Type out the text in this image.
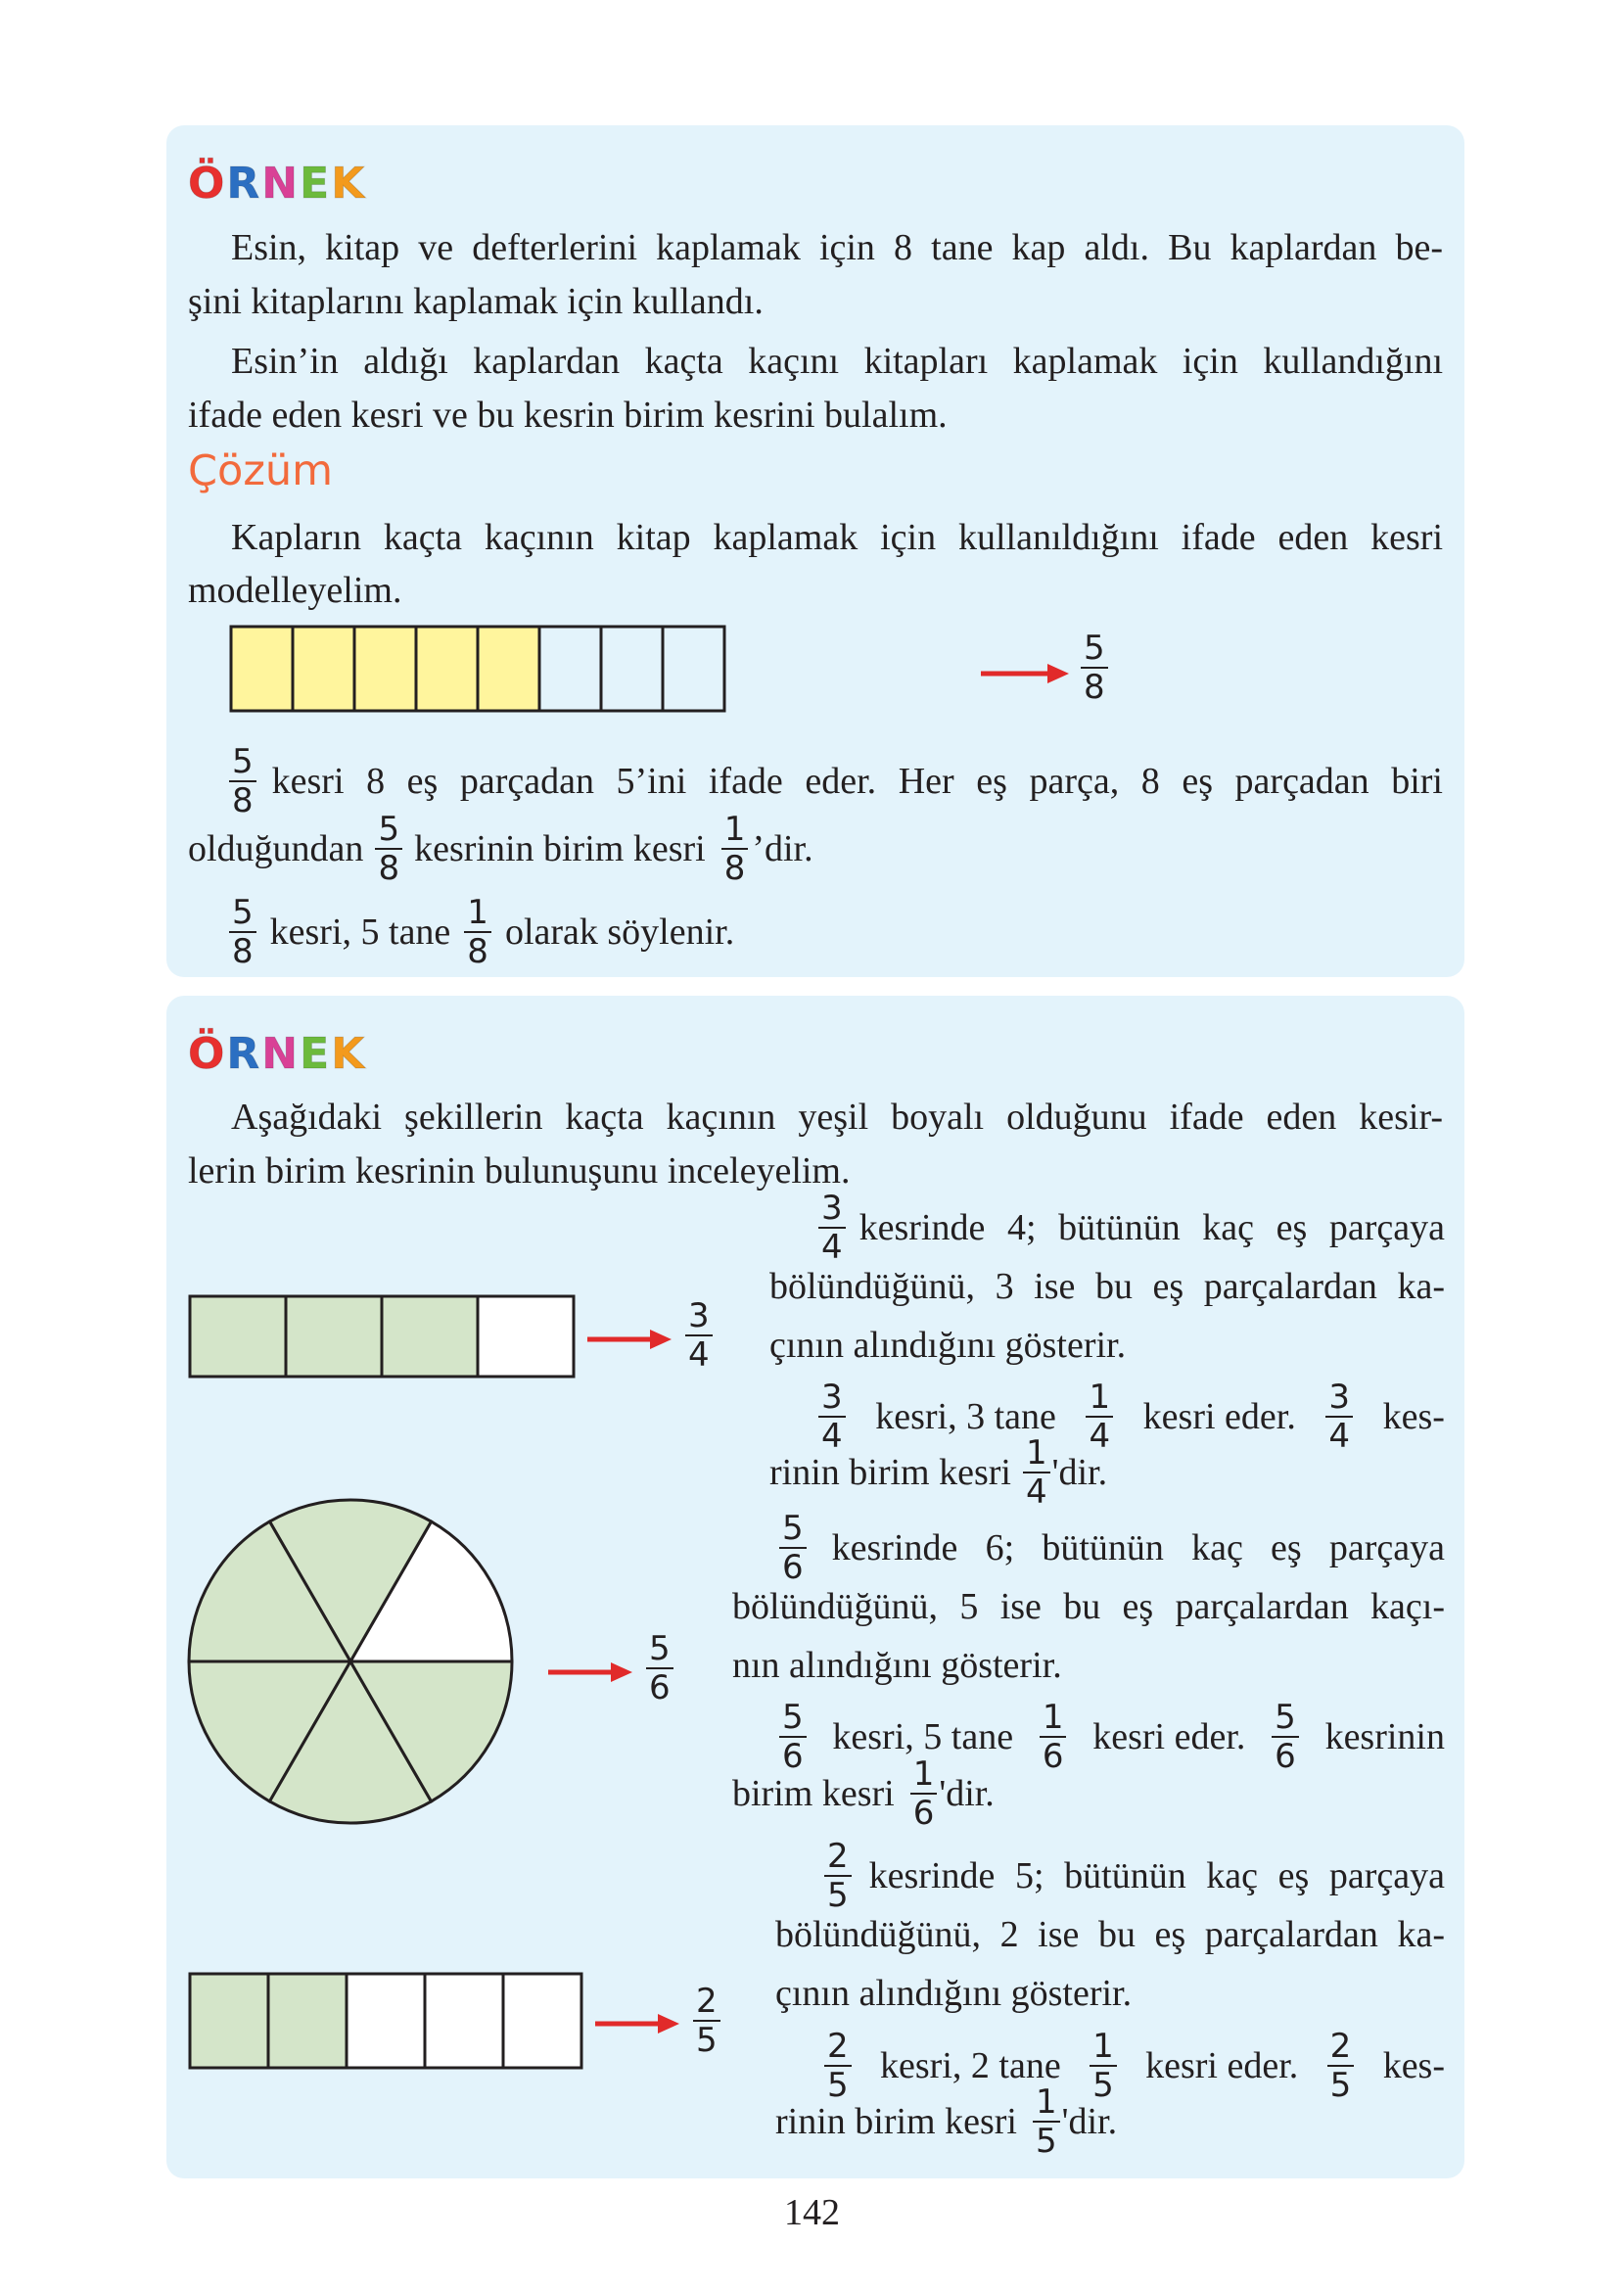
ÖRNEK

Esin, kitap ve defterlerini kaplamak için 8 tane kap aldı. Bu kaplardan be-

şini kitaplarını kaplamak için kullandı.

Esin’in aldığı kaplardan kaçta kaçını kitapları kaplamak için kullandığını

ifade eden kesri ve bu kesrin birim kesrini bulalım.

Çözüm

Kapların kaçta kaçının kitap kaplamak için kullanıldığını ifade eden kesri

modelleyelim.

$\frac{5}{8}$
$\frac{5}{8}$ kesri 8 eş parçadan 5’ini ifade eder. Her eş parça, 8 eş parçadan biri
olduğundan $\frac{5}{8}$ kesrinin birim kesri $\frac{1}{8}$ ’dir.
$\frac{5}{8}$ kesri, 5 tane $\frac{1}{8}$ olarak söylenir.
ÖRNEK

Aşağıdaki şekillerin kaçta kaçının yeşil boyalı olduğunu ifade eden kesir-

lerin birim kesrinin bulunuşunu inceleyelim.

$\frac{3}{4}$
$\frac{5}{6}$
$\frac{2}{5}$
$\frac{3}{4}$ kesrinde 4; bütünün kaç eş parçaya

bölündüğünü, 3 ise bu eş parçalardan ka-

çının alındığını gösterir.

$\frac{3}{4}$ kesri, 3 tane $\frac{1}{4}$ kesri eder. $\frac{3}{4} kes-$
rinin birim kesri $\frac{1}{4}$ 'dir.
$\frac{5}{6}$ kesrinde 6; bütünün kaç eş parçaya

bölündüğünü, 5 ise bu eş parçalardan kaçı-

nın alındığını gösterir.

$\frac{5}{6}$ kesri, 5 tane $\frac{1}{6}$ kesri eder. $\frac{5}{6}$ kesrinin
birim kesri $\frac{1}{6}$ 'dir.
$\frac{2}{5}$ kesrinde 5; bütünün kaç eş parçaya

bölündüğünü, 2 ise bu eş parçalardan ka-

çının alındığını gösterir.

$\frac{2}{5}$ kesri, 2 tane $\frac{1}{5}$ kesri eder. $\frac{2}{5} kes-$
rinin birim kesri $\frac{1}{5}$ 'dir.
142
